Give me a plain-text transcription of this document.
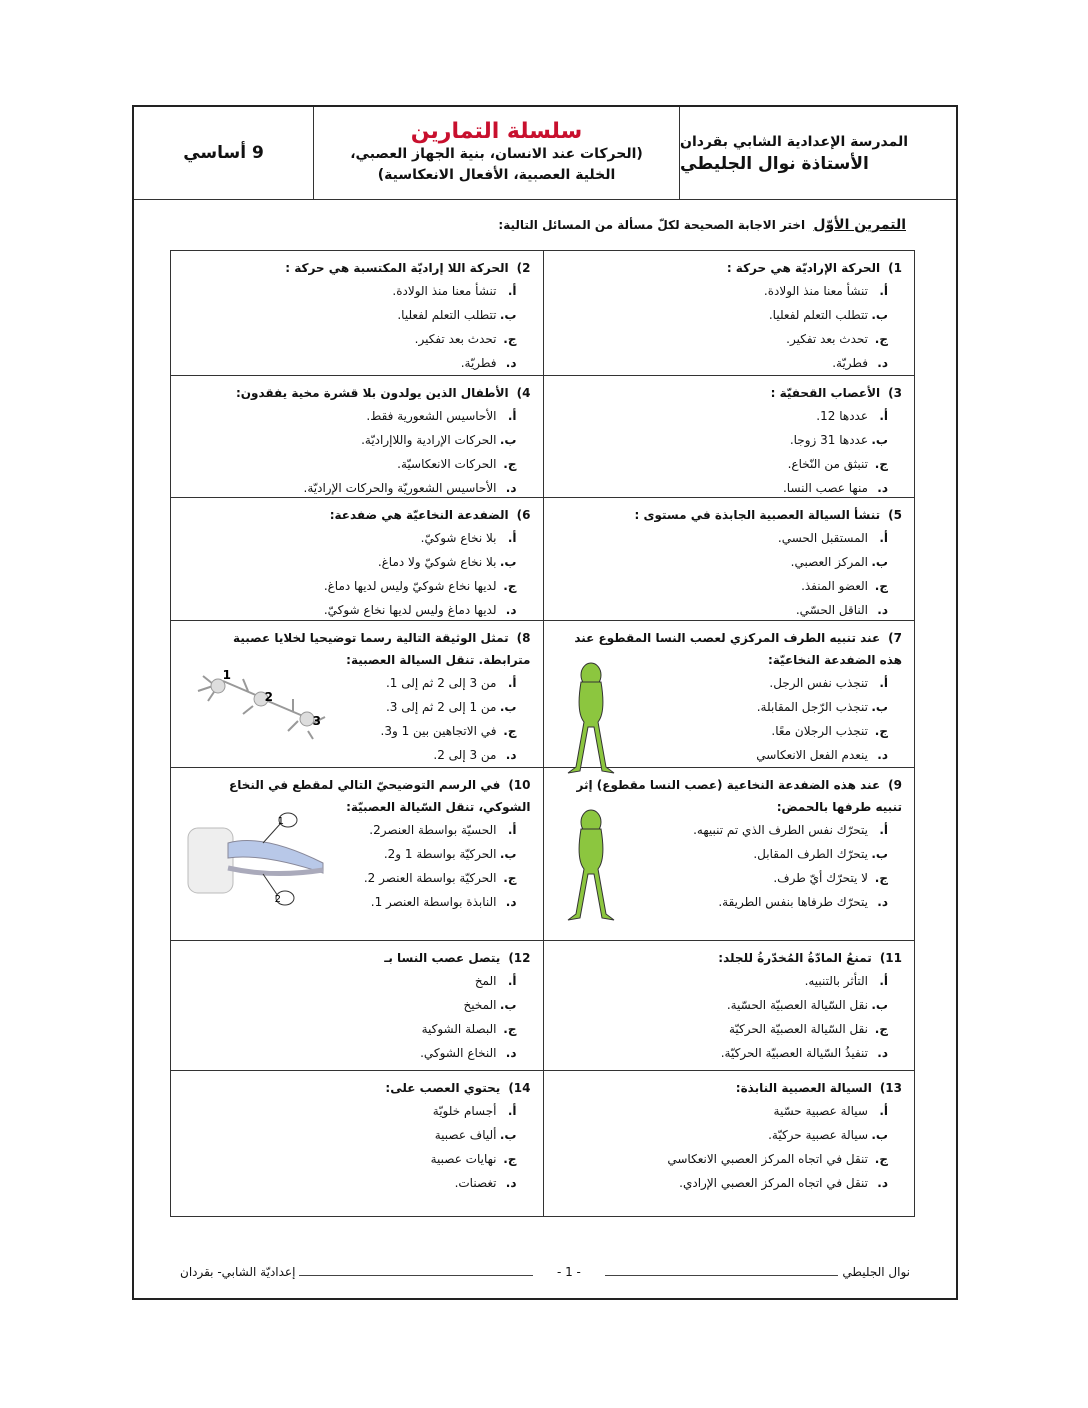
9 أساسي
سلسلة التمارين
(الحركات عند الانسان، بنية الجهاز العصبي،
الخلية العصبية، الأفعال الانعكاسية)
المدرسة الإعدادية الشابي بقردان
الأستاذة نوال الجليطي
التمرين الأوّل اختر الاجابة الصحيحة لكلّ مسألة من المسائل التالية:
1)الحركة الإراديّة هي حركة :
أ.تنشأ معنا منذ الولادة.
ب.تتطلب التعلم لفعليا.
ج.تحدث بعد تفكير.
د.فطريّة.
2)الحركة اللا إراديّة المكتسبة هي حركة :
أ.تنشأ معنا منذ الولادة.
ب.تتطلب التعلم لفعليا.
ج.تحدث بعد تفكير.
د.فطريّة.
3)الأعصاب القحفيّة :
أ.عددها 12.
ب.عددها 31 زوجا.
ج.تنبثق من النّخاع.
د.منها عصب النسا.
4)الأطفال الذين يولدون بلا قشرة مخية يفقدون:
أ.الأحاسيس الشعورية فقط.
ب.الحركات الإرادية واللاإراديّة.
ج.الحركات الانعكاسيّة.
د.الأحاسيس الشعوريّة والحركات الإراديّة.
5)تنشأ السيالة العصبية الجابذة في مستوى :
أ.المستقبل الحسي.
ب.المركز العصبي.
ج.العضو المنفذ.
د.الناقل الحسّي.
6)الضفدعة النخاعيّة هي ضفدعة:
أ.بلا نخاع شوكيّ.
ب.بلا نخاع شوكيّ ولا دماغ.
ج.لديها نخاع شوكيّ وليس لديها دماغ.
د.لديها دماغ وليس لديها نخاع شوكيّ.
7)عند تنبيه الطرف المركزي لعصب النسا المقطوع عند هذه الضفدعة النخاعيّة:
أ.تنجذب نفس الرجل.
ب.تنجذب الرّجل المقابلة.
ج.تنجذب الرجلان معًا.
د.ينعدم الفعل الانعكاسي
8)تمثل الوثيقة التالية رسما توضيحيا لخلايا عصبية مترابطة. تنقل السيالة العصبية:
أ.من 3 إلى 2 ثم إلى 1.
ب.من 1 إلى 2 ثم إلى 3.
ج.في الاتجاهين بين 1 و3.
د.من 3 إلى 2.
1
2
3
9)عند هذه الضفدعة النخاعية (عصب النسا مقطوع) إثر تنبيه طرفها بالحمض:
أ.يتحرّك نفس الطرف الذي تم تنبيهه.
ب.يتحرّك الطرف المقابل.
ج.لا يتحرّك أيّ طرف.
د.يتحرّك طرفاها بنفس الطريقة.
10)في الرسم التوضيحيّ التالي لمقطع في النخاع الشوكي، تنقل السّيالة العصبيّة:
أ.الحسيّة بواسطة العنصر2.
ب.الحركيّة بواسطة 1 و2.
ج.الحركيّة بواسطة العنصر 2.
د.النابذة بواسطة العنصر 1.
1
2
11)تمنعُ المادّةُ المُخدّرةُ للجلد:
أ.التأثر بالتنبيه.
ب.نقل السّيالة العصبيّة الحسّية.
ج.نقل السّيالة العصبيّة الحركيّة
د.تنفيذُ السّيالة العصبيّة الحركيّة.
12)يتصل عصب النسا بـ
أ.المخ
ب.المخيخ
ج.البصلة الشوكية
د.النخاع الشوكي.
13)السيالة العصبية النابذة:
أ.سيالة عصبية حسّية
ب.سيالة عصبية حركيّة.
ج.تنقل في اتجاه المركز العصبي الانعكاسي
د.تنقل في اتجاه المركز العصبي الإرادي.
14)يحتوي العصب على:
أ.أجسام خلويّة
ب.ألياف عصبية
ج.نهايات عصبية
د.تغصنات.
نوال الجليطي
- 1 -
إعداديّة الشابي- بقردان
